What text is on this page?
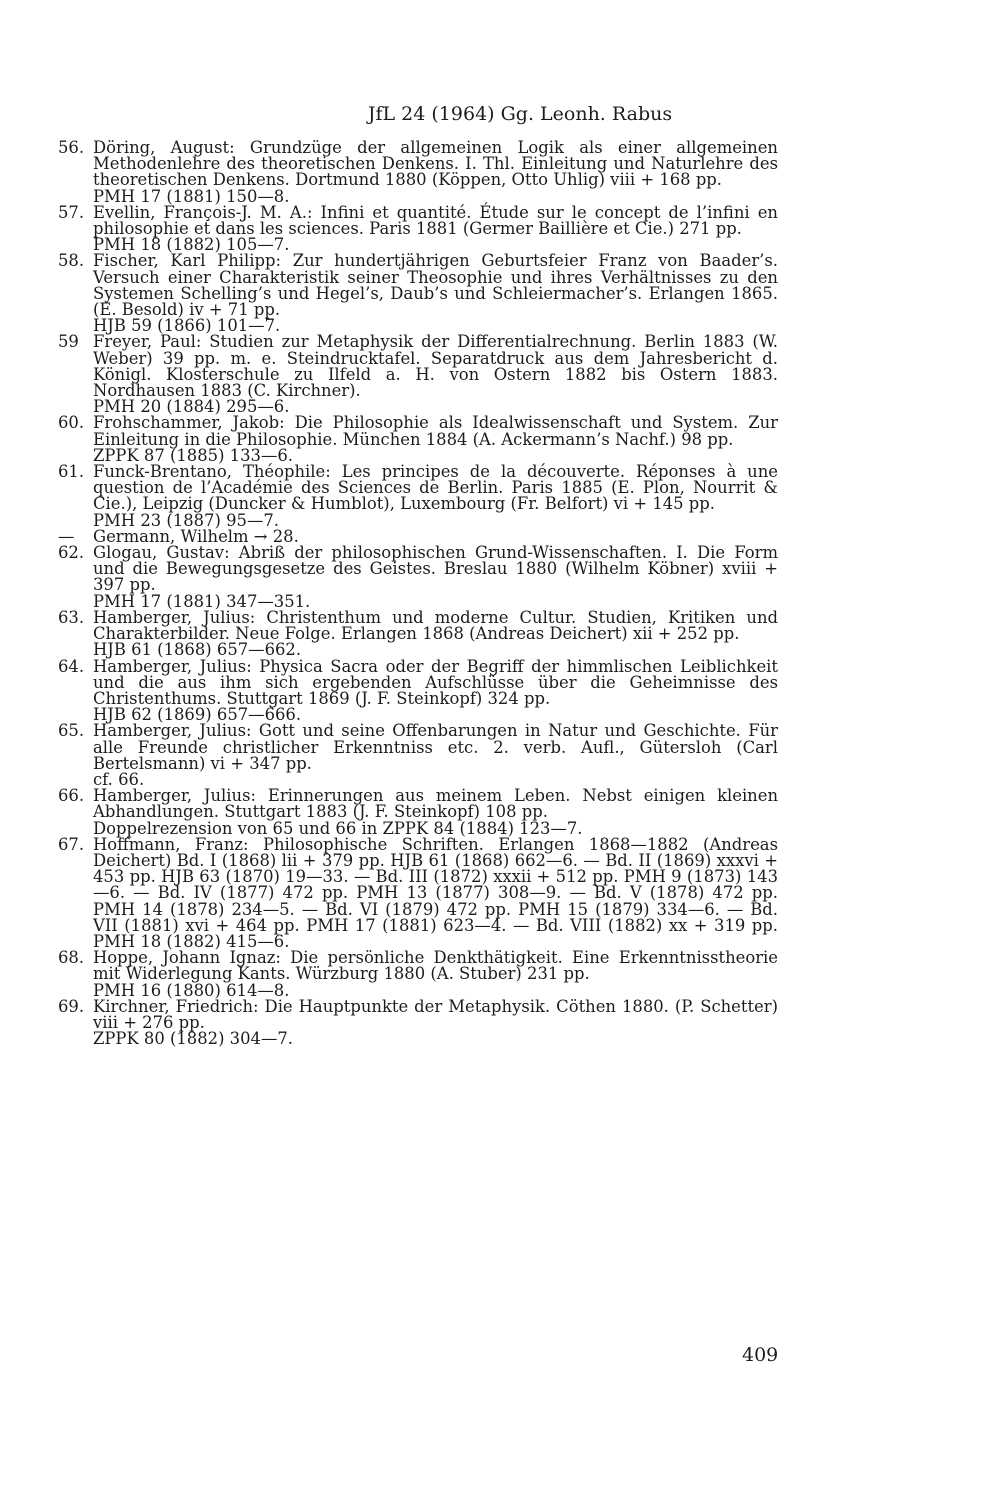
JfL 24 (1964) Gg. Leonh. Rabus
56. Döring, August: Grundzüge der allgemeinen Logik als einer allgemeinen Methodenlehre des theoretischen Denkens. I. Thl. Einleitung und Naturlehre des theoretischen Denkens. Dortmund 1880 (Köppen, Otto Uhlig) viii + 168 pp.
PMH 17 (1881) 150—8.
57. Evellin, François-J. M. A.: Infini et quantité. Étude sur le concept de l’infini en philosophie et dans les sciences. Paris 1881 (Germer Baillière et Cie.) 271 pp.
PMH 18 (1882) 105—7.
58. Fischer, Karl Philipp: Zur hundertjährigen Geburtsfeier Franz von Baader’s. Versuch einer Charakteristik seiner Theosophie und ihres Verhältnisses zu den Systemen Schelling’s und Hegel’s, Daub’s und Schleiermacher’s. Erlangen 1865. (E. Besold) iv + 71 pp.
HJB 59 (1866) 101—7.
59 Freyer, Paul: Studien zur Metaphysik der Differentialrechnung. Berlin 1883 (W. Weber) 39 pp. m. e. Steindrucktafel. Separatdruck aus dem Jahresbericht d. Königl. Klosterschule zu Ilfeld a. H. von Ostern 1882 bis Ostern 1883. Nordhausen 1883 (C. Kirchner).
PMH 20 (1884) 295—6.
60. Frohschammer, Jakob: Die Philosophie als Idealwissenschaft und System. Zur Einleitung in die Philosophie. München 1884 (A. Ackermann’s Nachf.) 98 pp.
ZPPK 87 (1885) 133—6.
61. Funck-Brentano, Théophile: Les principes de la découverte. Réponses à une question de l’Académie des Sciences de Berlin. Paris 1885 (E. Plon, Nourrit & Cie.), Leipzig (Duncker & Humblot), Luxembourg (Fr. Belfort) vi + 145 pp.
PMH 23 (1887) 95—7.
—	Germann, Wilhelm → 28.
62. Glogau, Gustav: Abriß der philosophischen Grund-Wissenschaften. I. Die Form und die Bewegungsgesetze des Geistes. Breslau 1880 (Wilhelm Köbner) xviii + 397 pp.
PMH 17 (1881) 347—351.
63. Hamberger, Julius: Christenthum und moderne Cultur. Studien, Kritiken und Charakterbilder. Neue Folge. Erlangen 1868 (Andreas Deichert) xii + 252 pp.
HJB 61 (1868) 657—662.
64. Hamberger, Julius: Physica Sacra oder der Begriff der himmlischen Leiblichkeit und die aus ihm sich ergebenden Aufschlüsse über die Geheimnisse des Christenthums. Stuttgart 1869 (J. F. Steinkopf) 324 pp.
HJB 62 (1869) 657—666.
65. Hamberger, Julius: Gott und seine Offenbarungen in Natur und Geschichte. Für alle Freunde christlicher Erkenntniss etc. 2. verb. Aufl., Gütersloh (Carl Bertelsmann) vi + 347 pp.
cf. 66.
66. Hamberger, Julius: Erinnerungen aus meinem Leben. Nebst einigen kleinen Abhandlungen. Stuttgart 1883 (J. F. Steinkopf) 108 pp.
Doppelrezension von 65 und 66 in ZPPK 84 (1884) 123—7.
67. Hoffmann, Franz: Philosophische Schriften. Erlangen 1868—1882 (Andreas Deichert) Bd. I (1868) lii + 379 pp. HJB 61 (1868) 662—6. — Bd. II (1869) xxxvi + 453 pp. HJB 63 (1870) 19—33. — Bd. III (1872) xxxii + 512 pp. PMH 9 (1873) 143—6. — Bd. IV (1877) 472 pp. PMH 13 (1877) 308—9. — Bd. V (1878) 472 pp. PMH 14 (1878) 234—5. — Bd. VI (1879) 472 pp. PMH 15 (1879) 334—6. — Bd. VII (1881) xvi + 464 pp. PMH 17 (1881) 623—4. — Bd. VIII (1882) xx + 319 pp. PMH 18 (1882) 415—6.
68. Hoppe, Johann Ignaz: Die persönliche Denkthätigkeit. Eine Erkenntnisstheorie mit Widerlegung Kants. Würzburg 1880 (A. Stuber) 231 pp.
PMH 16 (1880) 614—8.
69. Kirchner, Friedrich: Die Hauptpunkte der Metaphysik. Cöthen 1880. (P. Schetter) viii + 276 pp.
ZPPK 80 (1882) 304—7.
409
